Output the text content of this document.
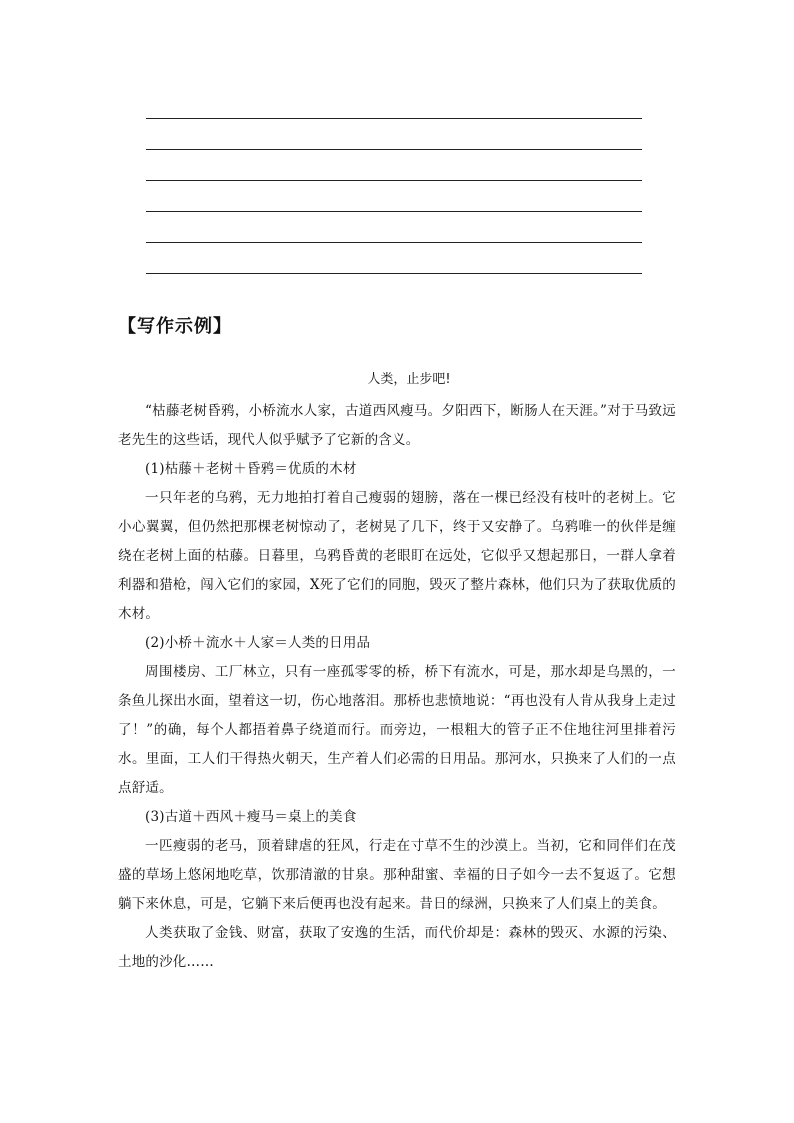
【写作示例】
人类，止步吧!

“枯藤老树昏鸦，小桥流水人家，古道西风瘦马。夕阳西下，断肠人在天涯。”对于马致远老先生的这些话，现代人似乎赋予了它新的含义。

(1)枯藤＋老树＋昏鸦＝优质的木材

一只年老的乌鸦，无力地拍打着自己瘦弱的翅膀，落在一棵已经没有枝叶的老树上。它小心翼翼，但仍然把那棵老树惊动了，老树晃了几下，终于又安静了。乌鸦唯一的伙伴是缠绕在老树上面的枯藤。日暮里，乌鸦昏黄的老眼盯在远处，它似乎又想起那日，一群人拿着利器和猎枪，闯入它们的家园，X死了它们的同胞，毁灭了整片森林，他们只为了获取优质的木材。

(2)小桥＋流水＋人家＝人类的日用品

周围楼房、工厂林立，只有一座孤零零的桥，桥下有流水，可是，那水却是乌黑的，一条鱼儿探出水面，望着这一切，伤心地落泪。那桥也悲愤地说：“再也没有人肯从我身上走过了！”的确，每个人都捂着鼻子绕道而行。而旁边，一根粗大的管子正不住地往河里排着污水。里面，工人们干得热火朝天，生产着人们必需的日用品。那河水，只换来了人们的一点点舒适。

(3)古道＋西风＋瘦马＝桌上的美食

一匹瘦弱的老马，顶着肆虐的狂风，行走在寸草不生的沙漠上。当初，它和同伴们在茂盛的草场上悠闲地吃草，饮那清澈的甘泉。那种甜蜜、幸福的日子如今一去不复返了。它想躺下来休息，可是，它躺下来后便再也没有起来。昔日的绿洲，只换来了人们桌上的美食。

人类获取了金钱、财富，获取了安逸的生活，而代价却是：森林的毁灭、水源的污染、土地的沙化……
